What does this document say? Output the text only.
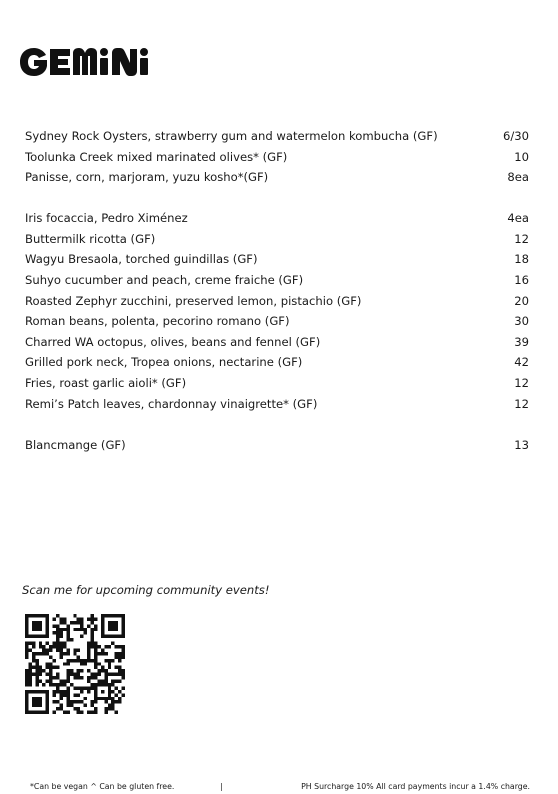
Sydney Rock Oysters, strawberry gum and watermelon kombucha (GF)	6/30
Toolunka Creek mixed marinated olives* (GF)	10
Panisse, corn, marjoram, yuzu kosho*(GF)	8ea
Iris focaccia, Pedro Ximénez	4ea
Buttermilk ricotta (GF)	12
Wagyu Bresaola, torched guindillas (GF)	18
Suhyo cucumber and peach, creme fraiche (GF)	16
Roasted Zephyr zucchini, preserved lemon, pistachio (GF)	20
Roman beans, polenta, pecorino romano (GF)	30
Charred WA octopus, olives, beans and fennel (GF)	39
Grilled pork neck, Tropea onions, nectarine (GF)	42
Fries, roast garlic aioli* (GF)	12
Remi’s Patch leaves, chardonnay vinaigrette* (GF)	12
Blancmange (GF)	13
Scan me for upcoming community events!
*Can be vegan ^ Can be gluten free.	|	PH Surcharge 10% All card payments incur a 1.4% charge.
